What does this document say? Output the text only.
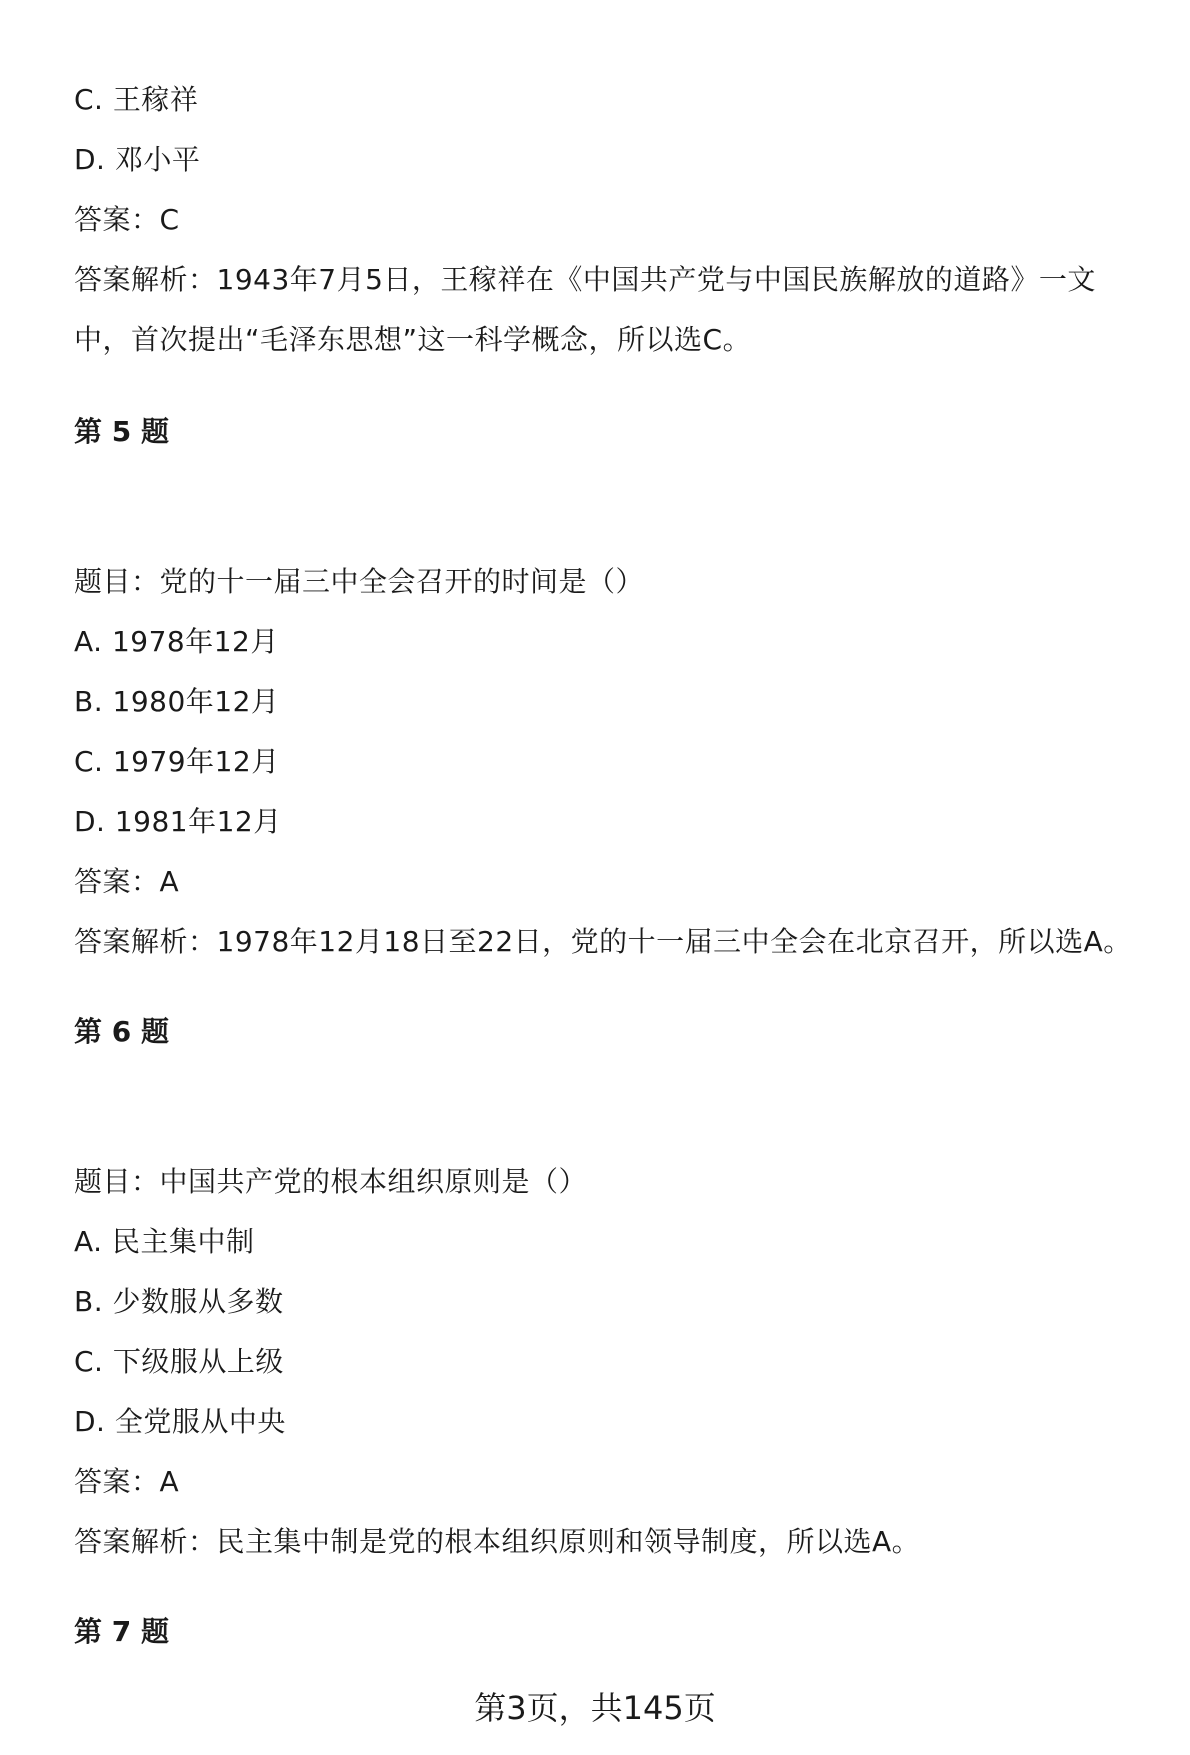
C. 王稼祥
D. 邓小平
答案：C
答案解析：1943年7月5日，王稼祥在《中国共产党与中国民族解放的道路》一文中，首次提出“毛泽东思想”这一科学概念，所以选C。
第 5 题
题目：党的十一届三中全会召开的时间是（）
A. 1978年12月
B. 1980年12月
C. 1979年12月
D. 1981年12月
答案：A
答案解析：1978年12月18日至22日，党的十一届三中全会在北京召开，所以选A。
第 6 题
题目：中国共产党的根本组织原则是（）
A. 民主集中制
B. 少数服从多数
C. 下级服从上级
D. 全党服从中央
答案：A
答案解析：民主集中制是党的根本组织原则和领导制度，所以选A。
第 7 题
第3页，共145页
